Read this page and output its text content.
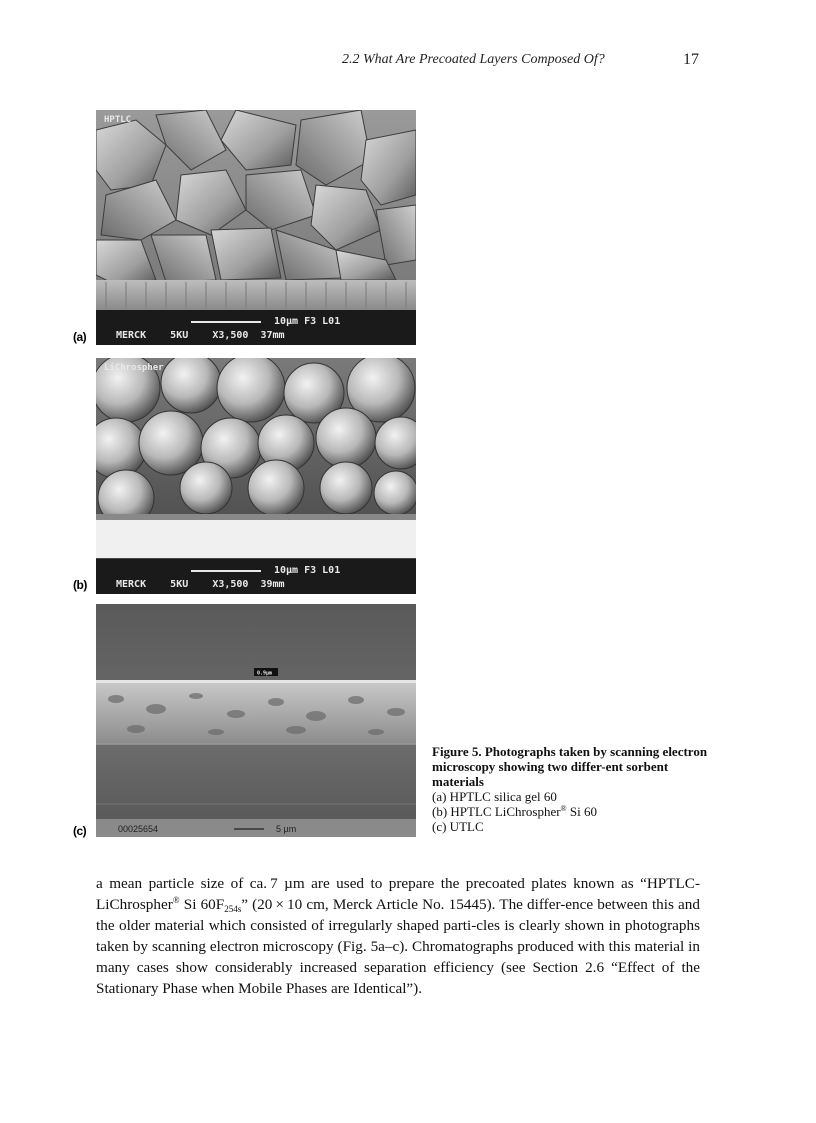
2.2 What Are Precoated Layers Composed Of?	17
10µm F3 L01
MERCK    5KU    X3,500  37mm
HPTLC
(a)
10µm F3 L01
MERCK    5KU    X3,500  39mm
LiChrospher
(b)
0.9µm
00025654	5 µm
(c)
Figure 5. Photographs taken by scanning electron microscopy showing two differ-ent sorbent materials
(a) HPTLC silica gel 60
(b) HPTLC LiChrospher® Si 60
(c) UTLC
a mean particle size of ca. 7 µm are used to prepare the precoated plates known as “HPTLC-LiChrospher® Si $60F_{254s}$” (20 × 10 cm, Merck Article No. 15445). The differ-ence between this and the older material which consisted of irregularly shaped parti-cles is clearly shown in photographs taken by scanning electron microscopy (Fig. 5a–c). Chromatographs produced with this material in many cases show considerably increased separation efficiency (see Section 2.6 “Effect of the Stationary Phase when Mobile Phases are Identical”).
